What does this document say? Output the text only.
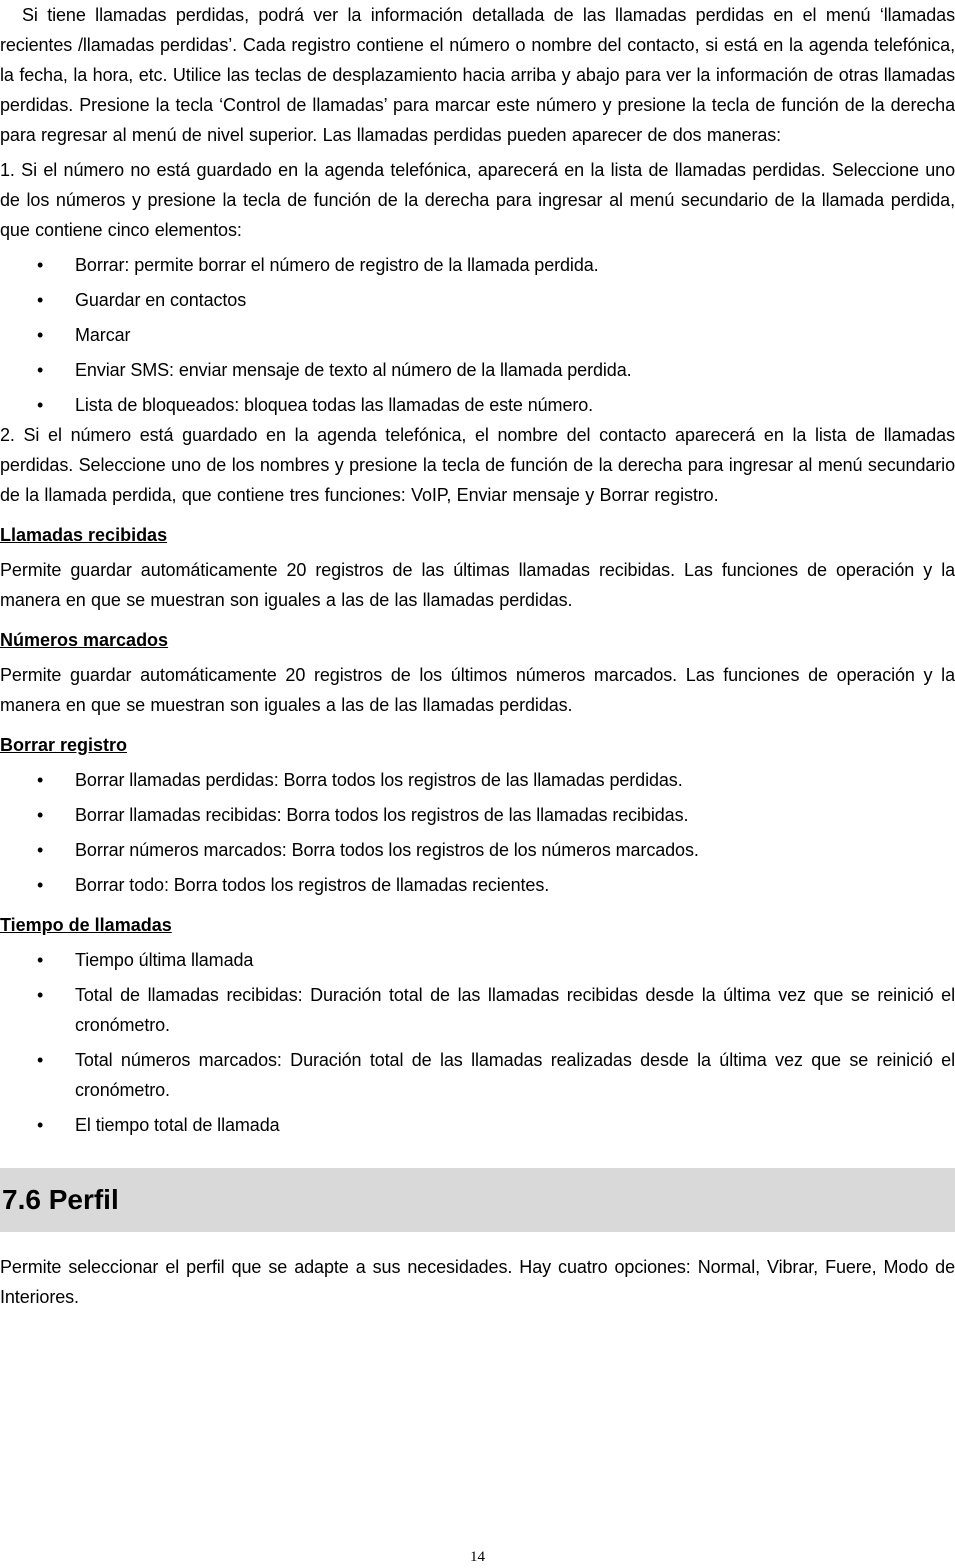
Si tiene llamadas perdidas, podrá ver la información detallada de las llamadas perdidas en el menú ‘llamadas recientes /llamadas perdidas’. Cada registro contiene el número o nombre del contacto, si está en la agenda telefónica, la fecha, la hora, etc. Utilice las teclas de desplazamiento hacia arriba y abajo para ver la información de otras llamadas perdidas. Presione la tecla ‘Control de llamadas’ para marcar este número y presione la tecla de función de la derecha para regresar al menú de nivel superior. Las llamadas perdidas pueden aparecer de dos maneras:

1. Si el número no está guardado en la agenda telefónica, aparecerá en la lista de llamadas perdidas. Seleccione uno de los números y presione la tecla de función de la derecha para ingresar al menú secundario de la llamada perdida, que contiene cinco elementos:

• Borrar: permite borrar el número de registro de la llamada perdida.
• Guardar en contactos
• Marcar
• Enviar SMS: enviar mensaje de texto al número de la llamada perdida.
• Lista de bloqueados: bloquea todas las llamadas de este número.

2. Si el número está guardado en la agenda telefónica, el nombre del contacto aparecerá en la lista de llamadas perdidas. Seleccione uno de los nombres y presione la tecla de función de la derecha para ingresar al menú secundario de la llamada perdida, que contiene tres funciones: VoIP, Enviar mensaje y Borrar registro.

Llamadas recibidas

Permite guardar automáticamente 20 registros de las últimas llamadas recibidas. Las funciones de operación y la manera en que se muestran son iguales a las de las llamadas perdidas.

Números marcados

Permite guardar automáticamente 20 registros de los últimos números marcados. Las funciones de operación y la manera en que se muestran son iguales a las de las llamadas perdidas.

Borrar registro
• Borrar llamadas perdidas: Borra todos los registros de las llamadas perdidas.
• Borrar llamadas recibidas: Borra todos los registros de las llamadas recibidas.
• Borrar números marcados: Borra todos los registros de los números marcados.
• Borrar todo: Borra todos los registros de llamadas recientes.
Tiempo de llamadas
• Tiempo última llamada
• Total de llamadas recibidas: Duración total de las llamadas recibidas desde la última vez que se reinició el cronómetro.
• Total números marcados: Duración total de las llamadas realizadas desde la última vez que se reinició el cronómetro.
• El tiempo total de llamada
7.6 Perfil

Permite seleccionar el perfil que se adapte a sus necesidades. Hay cuatro opciones: Normal, Vibrar, Fuere, Modo de Interiores.

14
